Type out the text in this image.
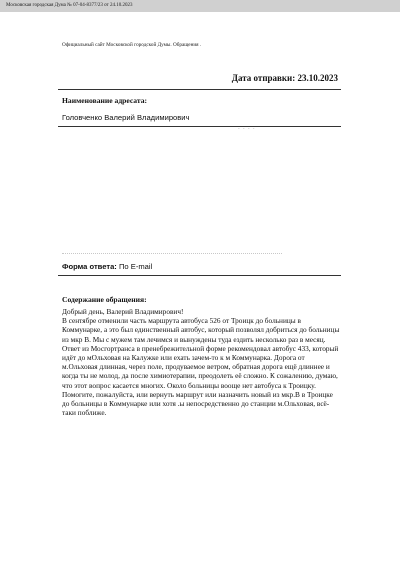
Московская городская Дума № 07-04-8377/23 от 24.10.2023
Официальный сайт Московской городской Думы. Обращения .
Дата отправки: 23.10.2023
Наименование адресата:
Головченко Валерий Владимирович
- - - -
Форма ответа: По E-mail
Содержание обращения:

Добрый день, Валерий Владимирович!

В сентябре отменили часть маршрута автобуса 526 от Троицк до больницы в Коммунарке, а это был единственный автобус, который позволял добриться до больницы из мкр В. Мы с мужем там лечимся и вынуждены туда ездить несколько раз в месяц. Ответ из Мосгортранса в пренебрежительной форме рекомендовал автобус 433, который идёт до мОльховая на Калужке или ехать зачем-то к м Коммунарка. Дорога от м.Ольховая длинная, через поле, продуваемое ветром, обратная дорога ещё длиннее и когда ты не молод, да после химиотерапии, преодолеть её сложно. К сожалению, думаю, что этот вопрос касается многих. Около больницы вооще нет автобуса к Троицку. Помогите, пожалуйста, или вернуть маршрут или назначить новый из мкр.В в Троицке до больницы в Коммунарке или хотя .ы непосредственно до станции м.Ольховая, всё-таки поближе.
